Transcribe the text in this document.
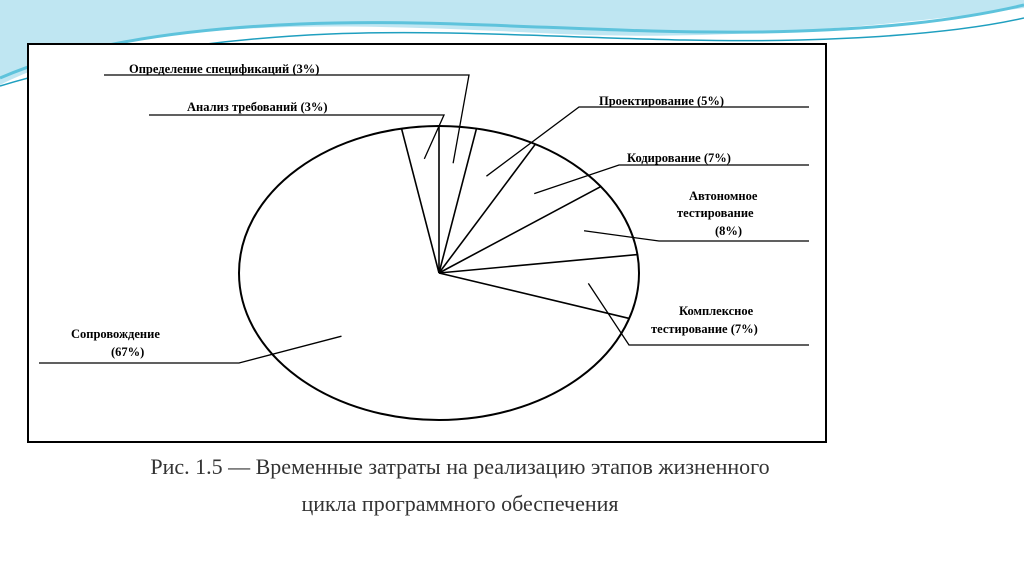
Определение спецификаций (3%)
Анализ требований (3%)	Проектирование (5%)
Кодирование (7%)
Автономное
тестирование
(8%)
Комплексное
тестирование (7%)
Сопровождение
(67%)
Рис. 1.5 — Временные затраты на реализацию этапов жизненного
цикла программного обеспечения
